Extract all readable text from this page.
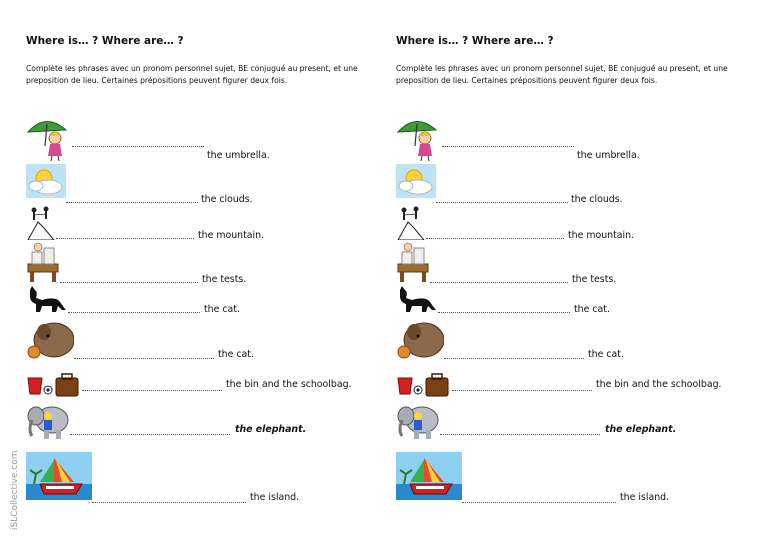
iSLCollective.com
Where is… ? Where are… ?
Complète les phrases avec un pronom personnel sujet, BE conjugué au present, et une preposition de lieu. Certaines prépositions peuvent figurer deux fois.
the umbrella.
the clouds.
the mountain.
the tests.
the cat.
the cat.
the bin and the schoolbag.
the elephant.
the island.
Where is… ? Where are… ?
Complète les phrases avec un pronom personnel sujet, BE conjugué au present, et une preposition de lieu. Certaines prépositions peuvent figurer deux fois.
the umbrella.
the clouds.
the mountain.
the tests.
the cat.
the cat.
the bin and the schoolbag.
the elephant.
the island.
